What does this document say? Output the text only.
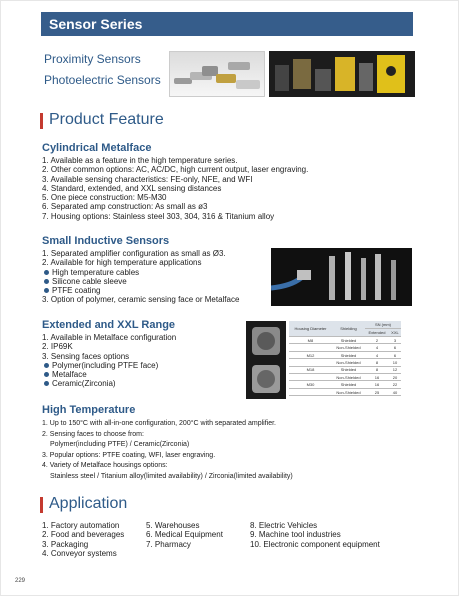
Sensor Series
Proximity Sensors
Photoelectric Sensors
Product Feature
Cylindrical Metalface
1. Available as a feature in the high temperature series.
2. Other common options: AC, AC/DC, high current output, laser engraving.
3. Available sensing characteristics: FE-only, NFE, and WFI
4. Standard, extended, and XXL sensing distances
5. One piece construction: M5-M30
6. Separated amp construction: As small as ø3
7. Housing options: Stainless steel 303, 304, 316 & Titanium alloy
Small Inductive Sensors
1. Separated amplifier configuration as small as Ø3.
2. Available for high temperature applications
High temperature cables
Silicone cable sleeve
PTFE coating
3. Option of polymer, ceramic sensing face or Metalface
Extended and XXL Range
1. Available in Metalface configuration
2. IP69K
3. Sensing faces options
Polymer(including PTFE face)
Metalface
Ceramic(Zirconia)
Housing Diameter	Shielding	SN (mm)	
		Extended	XXL
M8	Shielded	2	3
	Non-Shielded	4	6
M12	Shielded	4	6
	Non-Shielded	8	10
M18	Shielded	8	12
	Non-Shielded	16	20
M30	Shielded	16	22
	Non-Shielded	25	40
High Temperature
1. Up to 150°C with all-in-one configuration, 200°C with separated amplifier.
2. Sensing faces to choose from:
Polymer(including PTFE) / Ceramic(Zirconia)
3. Popular options: PTFE coating, WFI, laser engraving.
4. Variety of Metalface housings options:
Stainless steel / Titanium alloy(limited availability) / Zirconia(limited availability)
Application
1. Factory automation
2. Food and beverages
3. Packaging
4. Conveyor systems
5. Warehouses
6. Medical Equipment
7. Pharmacy
8. Electric Vehicles
9. Machine tool industries
10. Electronic component equipment
229
